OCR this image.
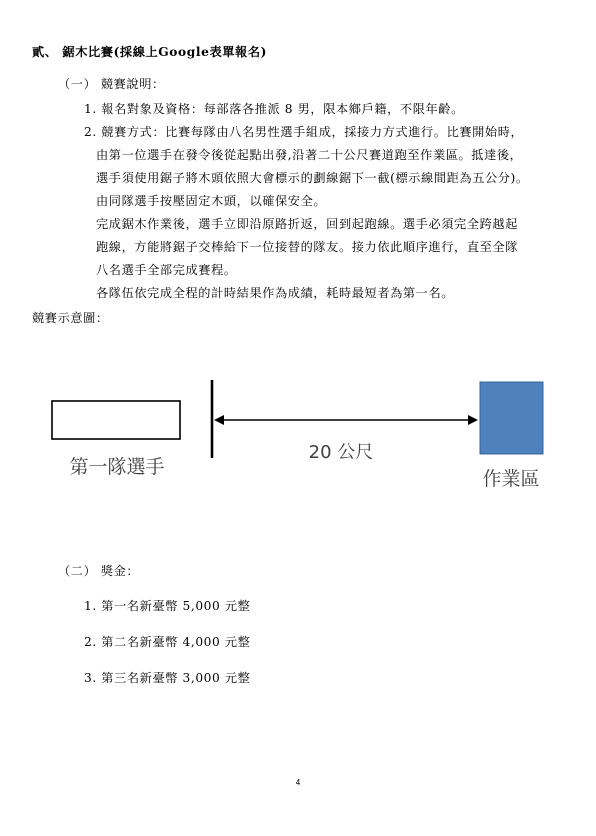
貳、 鋸木比賽(採線上Google表單報名)
（一） 競賽說明：
1. 報名對象及資格：每部落各推派 8 男，限本鄉戶籍，不限年齡。
2. 競賽方式：比賽每隊由八名男性選手組成，採接力方式進行。比賽開始時，
由第一位選手在發令後從起點出發,沿著二十公尺賽道跑至作業區。抵達後，
選手須使用鋸子將木頭依照大會標示的劃線鋸下一截(標示線間距為五公分)。
由同隊選手按壓固定木頭，以確保安全。
完成鋸木作業後，選手立即沿原路折返，回到起跑線。選手必須完全跨越起
跑線，方能將鋸子交棒給下一位接替的隊友。接力依此順序進行，直至全隊
八名選手全部完成賽程。
各隊伍依完成全程的計時結果作為成績，耗時最短者為第一名。
競賽示意圖：
第一隊選手
20 公尺
作業區
（二） 獎金：
1. 第一名新臺幣 5,000 元整
2. 第二名新臺幣 4,000 元整
3. 第三名新臺幣 3,000 元整
4
